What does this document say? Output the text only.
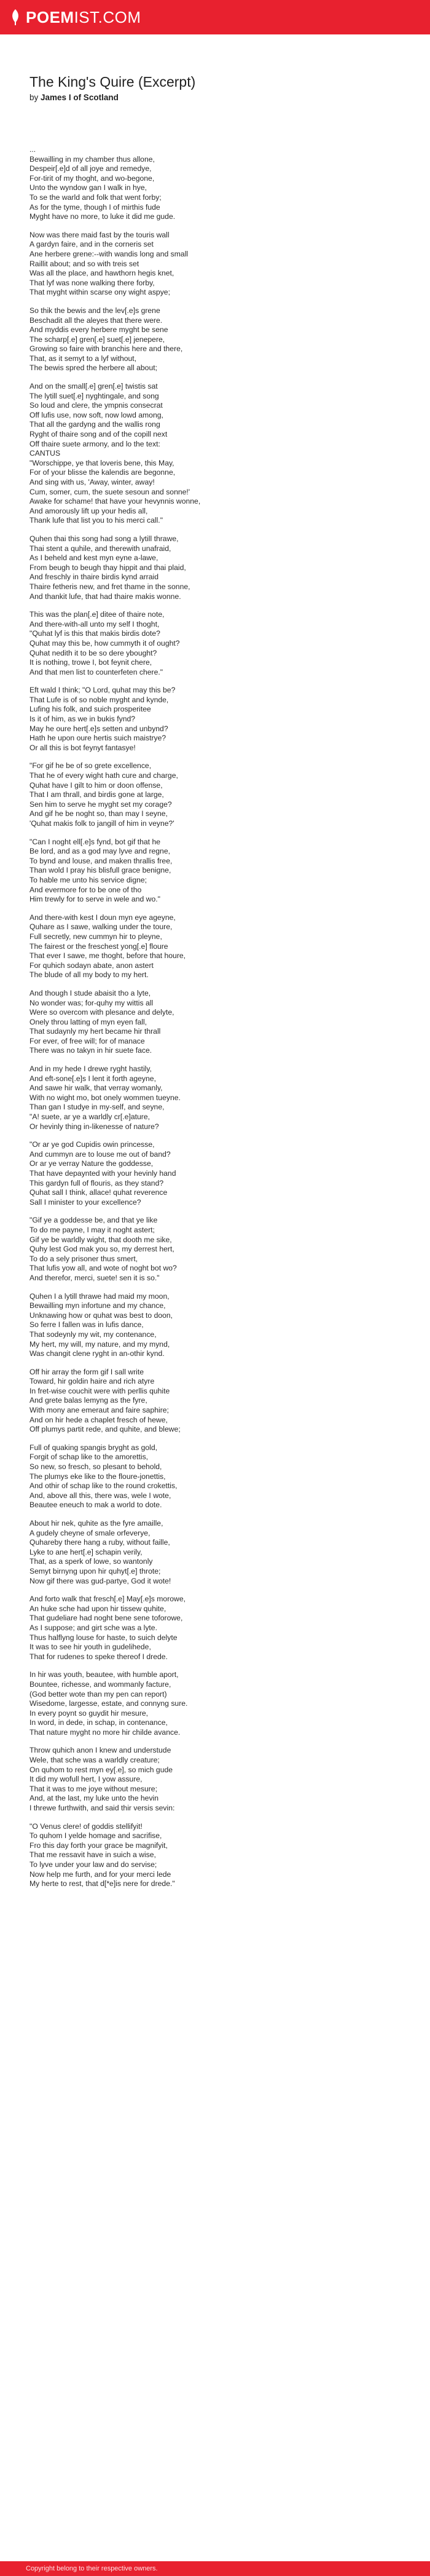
POEM IST.COM
The King's Quire (Excerpt)
by James I of Scotland
...
Bewailling in my chamber thus allone,
Despeir[.e]d of all joye and remedye,
For-tirit of my thoght, and wo-begone,
Unto the wyndow gan I walk in hye,
To se the warld and folk that went forby;
As for the tyme, though I of mirthis fude
Myght have no more, to luke it did me gude.
Now was there maid fast by the touris wall
A gardyn faire, and in the corneris set
Ane herbere grene:--with wandis long and small
Raillit about; and so with treis set
Was all the place, and hawthorn hegis knet,
That lyf was none walking there forby,
That myght within scarse ony wight aspye;
So thik the bewis and the lev[.e]s grene
Beschadit all the aleyes that there were.
And myddis every herbere myght be sene
The scharp[.e] gren[.e] suet[.e] jenepere,
Growing so faire with branchis here and there,
That, as it semyt to a lyf without,
The bewis spred the herbere all about;
And on the small[.e] gren[.e] twistis sat
The lytill suet[.e] nyghtingale, and song
So loud and clere, the ympnis consecrat
Off lufis use, now soft, now lowd among,
That all the gardyng and the wallis rong
Ryght of thaire song and of the copill next
Off thaire suete armony, and lo the text:
CANTUS
"Worschippe, ye that loveris bene, this May,
For of your blisse the kalendis are begonne,
And sing with us, 'Away, winter, away!
Cum, somer, cum, the suete sesoun and sonne!'
Awake for schame! that have your hevynnis wonne,
And amorously lift up your hedis all,
Thank lufe that list you to his merci call."
Quhen thai this song had song a lytill thrawe,
Thai stent a quhile, and therewith unafraid,
As I beheld and kest myn eyne a-lawe,
From beugh to beugh thay hippit and thai plaid,
And freschly in thaire birdis kynd arraid
Thaire fetheris new, and fret thame in the sonne,
And thankit lufe, that had thaire makis wonne.
This was the plan[.e] ditee of thaire note,
And there-with-all unto my self I thoght,
"Quhat lyf is this that makis birdis dote?
Quhat may this be, how cummyth it of ought?
Quhat nedith it to be so dere ybought?
It is nothing, trowe I, bot feynit chere,
And that men list to counterfeten chere."
Eft wald I think; "O Lord, quhat may this be?
That Lufe is of so noble myght and kynde,
Lufing his folk, and suich prosperitee
Is it of him, as we in bukis fynd?
May he oure hert[.e]s setten and unbynd?
Hath he upon oure hertis suich maistrye?
Or all this is bot feynyt fantasye!
"For gif he be of so grete excellence,
That he of every wight hath cure and charge,
Quhat have I gilt to him or doon offense,
That I am thrall, and birdis gone at large,
Sen him to serve he myght set my corage?
And gif he be noght so, than may I seyne,
'Quhat makis folk to jangill of him in veyne?'
"Can I noght ell[.e]s fynd, bot gif that he
Be lord, and as a god may lyve and regne,
To bynd and louse, and maken thrallis free,
Than wold I pray his blisfull grace benigne,
To hable me unto his service digne;
And evermore for to be one of tho
Him trewly for to serve in wele and wo."
And there-with kest I doun myn eye ageyne,
Quhare as I sawe, walking under the toure,
Full secretly, new cummyn hir to pleyne,
The fairest or the freschest yong[.e] floure
That ever I sawe, me thoght, before that houre,
For quhich sodayn abate, anon astert
The blude of all my body to my hert.
And though I stude abaisit tho a lyte,
No wonder was; for-quhy my wittis all
Were so overcom with plesance and delyte,
Onely throu latting of myn eyen fall,
That sudaynly my hert became hir thrall
For ever, of free will; for of manace
There was no takyn in hir suete face.
And in my hede I drewe ryght hastily,
And eft-sone[.e]s I lent it forth ageyne,
And sawe hir walk, that verray womanly,
With no wight mo, bot onely wommen tueyne.
Than gan I studye in my-self, and seyne,
"A! suete, ar ye a warldly cr[.e]ature,
Or hevinly thing in-likenesse of nature?
"Or ar ye god Cupidis owin princesse,
And cummyn are to louse me out of band?
Or ar ye verray Nature the goddesse,
That have depaynted with your hevinly hand
This gardyn full of flouris, as they stand?
Quhat sall I think, allace! quhat reverence
Sall I minister to your excellence?
"Gif ye a goddesse be, and that ye like
To do me payne, I may it noght astert;
Gif ye be warldly wight, that dooth me sike,
Quhy lest God mak you so, my derrest hert,
To do a sely prisoner thus smert,
That lufis yow all, and wote of noght bot wo?
And therefor, merci, suete! sen it is so."
Quhen I a lytill thrawe had maid my moon,
Bewailling myn infortune and my chance,
Unknawing how or quhat was best to doon,
So ferre I fallen was in lufis dance,
That sodeynly my wit, my contenance,
My hert, my will, my nature, and my mynd,
Was changit clene ryght in an-othir kynd.
Off hir array the form gif I sall write
Toward, hir goldin haire and rich atyre
In fret-wise couchit were with perllis quhite
And grete balas lemyng as the fyre,
With mony ane emeraut and faire saphire;
And on hir hede a chaplet fresch of hewe,
Off plumys partit rede, and quhite, and blewe;
Full of quaking spangis bryght as gold,
Forgit of schap like to the amorettis,
So new, so fresch, so plesant to behold,
The plumys eke like to the floure-jonettis,
And othir of schap like to the round crokettis,
And, above all this, there was, wele I wote,
Beautee eneuch to mak a world to dote.
About hir nek, quhite as the fyre amaille,
A gudely cheyne of smale orfeverye,
Quhareby there hang a ruby, without faille,
Lyke to ane hert[.e] schapin verily,
That, as a sperk of lowe, so wantonly
Semyt birnyng upon hir quhyt[.e] throte;
Now gif there was gud-partye, God it wote!
And forto walk that fresch[.e] May[.e]s morowe,
An huke sche had upon hir tissew quhite,
That gudeliare had noght bene sene toforowe,
As I suppose; and girt sche was a lyte.
Thus halflyng louse for haste, to suich delyte
It was to see hir youth in gudelihede,
That for rudenes to speke thereof I drede.
In hir was youth, beautee, with humble aport,
Bountee, richesse, and wommanly facture,
(God better wote than my pen can report)
Wisedome, largesse, estate, and connyng sure.
In every poynt so guydit hir mesure,
In word, in dede, in schap, in contenance,
That nature myght no more hir childe avance.
Throw quhich anon I knew and understude
Wele, that sche was a warldly creature;
On quhom to rest myn ey[.e], so mich gude
It did my wofull hert, I yow assure,
That it was to me joye without mesure;
And, at the last, my luke unto the hevin
I threwe furthwith, and said thir versis sevin:
"O Venus clere! of goddis stellifyit!
To quhom I yelde homage and sacrifise,
Fro this day forth your grace be magnifyit,
That me ressavit have in suich a wise,
To lyve under your law and do servise;
Now help me furth, and for your merci lede
My herte to rest, that d[*e]is nere for drede."
Copyright belong to their respective owners.
